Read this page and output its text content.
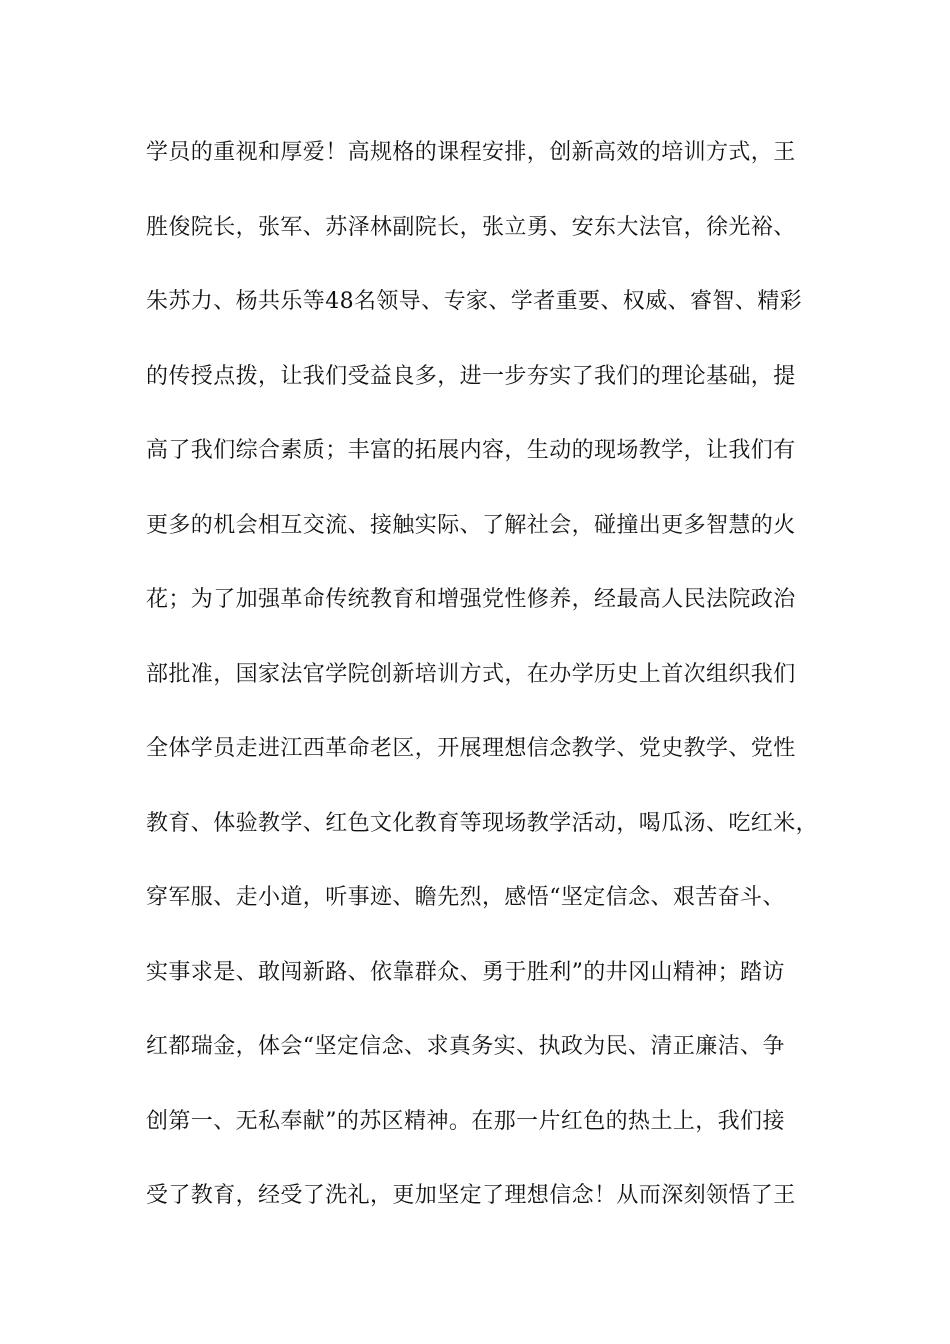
学员的重视和厚爱！高规格的课程安排，创新高效的培训方式，王
胜俊院长，张军、苏泽林副院长，张立勇、安东大法官，徐光裕、
朱苏力、杨共乐等48名领导、专家、学者重要、权威、睿智、精彩
的传授点拨，让我们受益良多，进一步夯实了我们的理论基础，提
高了我们综合素质；丰富的拓展内容，生动的现场教学，让我们有
更多的机会相互交流、接触实际、了解社会，碰撞出更多智慧的火
花；为了加强革命传统教育和增强党性修养，经最高人民法院政治
部批准，国家法官学院创新培训方式，在办学历史上首次组织我们
全体学员走进江西革命老区，开展理想信念教学、党史教学、党性
教育、体验教学、红色文化教育等现场教学活动，喝瓜汤、吃红米，
穿军服、走小道，听事迹、瞻先烈，感悟“坚定信念、艰苦奋斗、
实事求是、敢闯新路、依靠群众、勇于胜利”的井冈山精神；踏访
红都瑞金，体会“坚定信念、求真务实、执政为民、清正廉洁、争
创第一、无私奉献”的苏区精神。在那一片红色的热土上，我们接
受了教育，经受了洗礼，更加坚定了理想信念！从而深刻领悟了王
